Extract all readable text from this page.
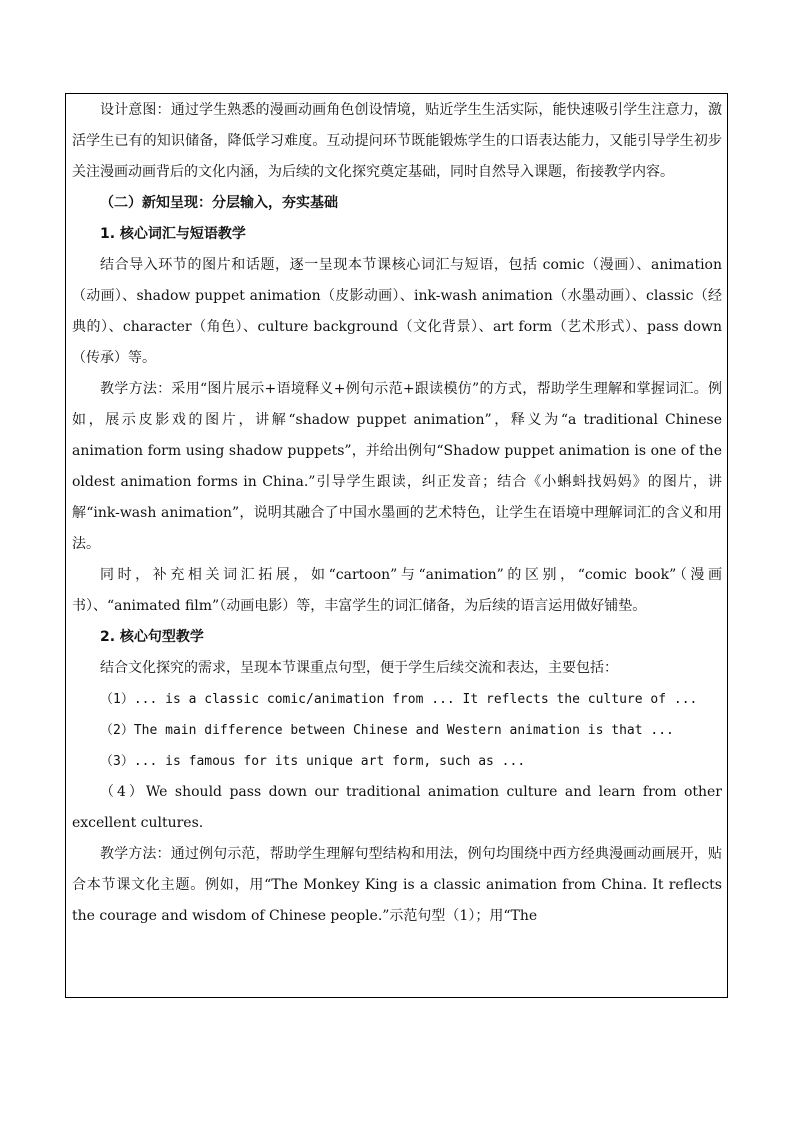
设计意图：通过学生熟悉的漫画动画角色创设情境，贴近学生生活实际，能快速吸引学生注意力，激活学生已有的知识储备，降低学习难度。互动提问环节既能锻炼学生的口语表达能力，又能引导学生初步关注漫画动画背后的文化内涵，为后续的文化探究奠定基础，同时自然导入课题，衔接教学内容。

（二）新知呈现：分层输入，夯实基础

1. 核心词汇与短语教学

结合导入环节的图片和话题，逐一呈现本节课核心词汇与短语，包括 comic（漫画）、animation（动画）、shadow puppet animation（皮影动画）、ink-wash animation（水墨动画）、classic（经典的）、character（角色）、culture background（文化背景）、art form（艺术形式）、pass down（传承）等。

教学方法：采用“图片展示+语境释义+例句示范+跟读模仿”的方式，帮助学生理解和掌握词汇。例如，展示皮影戏的图片，讲解“shadow puppet animation”，释义为“a traditional Chinese animation form using shadow puppets”，并给出例句“Shadow puppet animation is one of the oldest animation forms in China.”引导学生跟读，纠正发音；结合《小蝌蚪找妈妈》的图片，讲解“ink-wash animation”，说明其融合了中国水墨画的艺术特色，让学生在语境中理解词汇的含义和用法。

同时，补充相关词汇拓展，如“cartoon”与“animation”的区别，“comic book”（漫画书）、“animated film”（动画电影）等，丰富学生的词汇储备，为后续的语言运用做好铺垫。

2. 核心句型教学

结合文化探究的需求，呈现本节课重点句型，便于学生后续交流和表达，主要包括：

（1）... is a classic comic/animation from ... It reflects the culture of ...

（2）The main difference between Chinese and Western animation is that ...

（3）... is famous for its unique art form, such as ...

（4）We should pass down our traditional animation culture and learn from other excellent cultures.

教学方法：通过例句示范，帮助学生理解句型结构和用法，例句均围绕中西方经典漫画动画展开，贴合本节课文化主题。例如，用“The Monkey King is a classic animation from China. It reflects the courage and wisdom of Chinese people.”示范句型（1）；用“The
